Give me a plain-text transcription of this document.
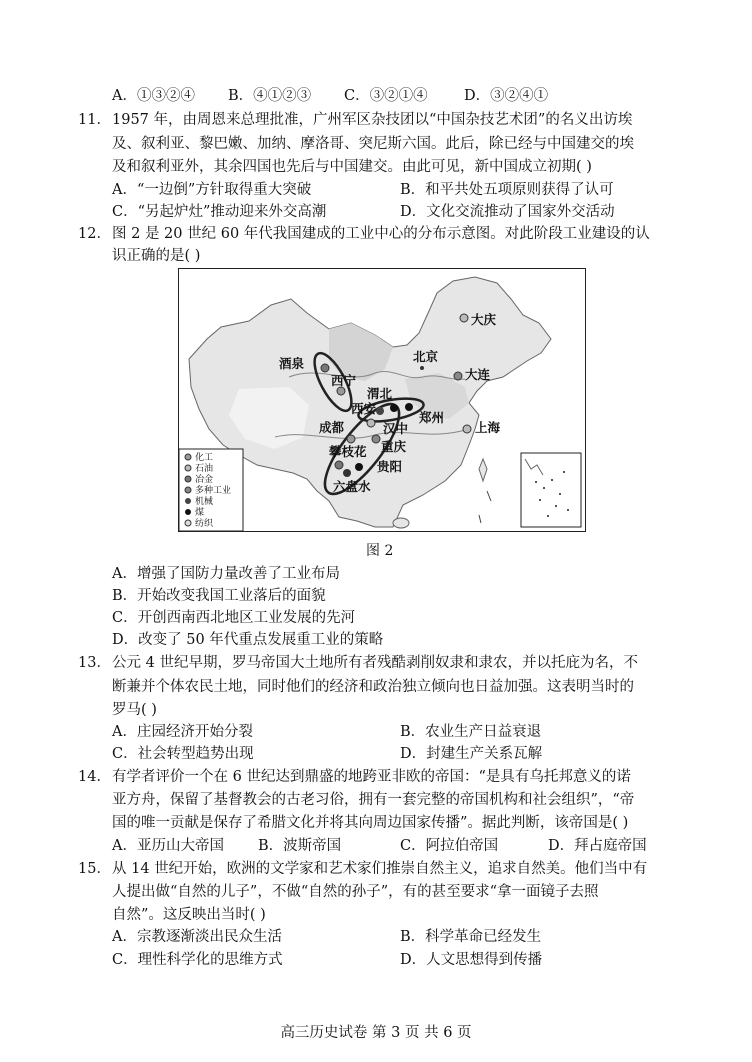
A．①③②④ B．④①②③ C．③②①④	D．③②④①
11．1957 年，由周恩来总理批准，广州军区杂技团以“中国杂技艺术团”的名义出访埃
及、叙利亚、黎巴嫩、加纳、摩洛哥、突尼斯六国。此后，除已经与中国建交的埃
及和叙利亚外，其余四国也先后与中国建交。由此可见，新中国成立初期( )
A．“一边倒”方针取得重大突破	B．和平共处五项原则获得了认可
C．“另起炉灶”推动迎来外交高潮	D．文化交流推动了国家外交活动
12．图 2 是 20 世纪 60 年代我国建成的工业中心的分布示意图。对此阶段工业建设的认
识正确的是( )
大庆
北京
大连
酒泉
西宁
渭北
西安
郑州
成都	汉中	上海
重庆
攀枝花
贵阳
六盘水
化工
石油
冶金
多种工业
机械
煤
纺织
图 2
A．增强了国防力量改善了工业布局
B．开始改变我国工业落后的面貌
C．开创西南西北地区工业发展的先河
D．改变了 50 年代重点发展重工业的策略
13．公元 4 世纪早期，罗马帝国大土地所有者残酷剥削奴隶和隶农，并以托庇为名，不
断兼并个体农民土地，同时他们的经济和政治独立倾向也日益加强。这表明当时的
罗马( )
A．庄园经济开始分裂	B．农业生产日益衰退
C．社会转型趋势出现	D．封建生产关系瓦解
14．有学者评价一个在 6 世纪达到鼎盛的地跨亚非欧的帝国：“是具有乌托邦意义的诺
亚方舟，保留了基督教会的古老习俗，拥有一套完整的帝国机构和社会组织”，“帝
国的唯一贡献是保存了希腊文化并将其向周边国家传播”。据此判断，该帝国是( )
A．亚历山大帝国 B．波斯帝国	C．阿拉伯帝国	D．拜占庭帝国
15．从 14 世纪开始，欧洲的文学家和艺术家们推崇自然主义，追求自然美。他们当中有
人提出做“自然的儿子”，不做“自然的孙子”，有的甚至要求“拿一面镜子去照
自然”。这反映出当时( )
A．宗教逐渐淡出民众生活	B．科学革命已经发生
C．理性科学化的思维方式	D．人文思想得到传播
高三历史试卷 第 3 页 共 6 页
